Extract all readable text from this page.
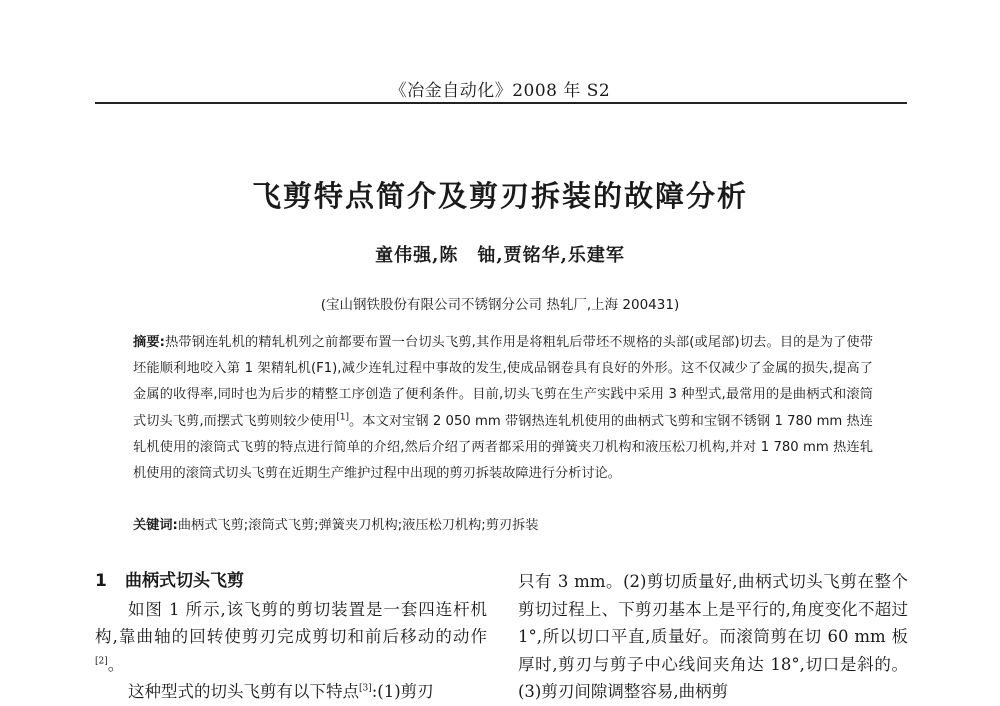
《冶金自动化》2008 年 S2
飞剪特点简介及剪刃拆装的故障分析
童伟强,陈　铀,贾铭华,乐建军
(宝山钢铁股份有限公司不锈钢分公司 热轧厂,上海 200431)

摘要:热带钢连轧机的精轧机列之前都要布置一台切头飞剪,其作用是将粗轧后带坯不规格的头部(或尾部)切去。目的是为了使带坯能顺利地咬入第 1 架精轧机(F1),减少连轧过程中事故的发生,使成品钢卷具有良好的外形。这不仅减少了金属的损失,提高了金属的收得率,同时也为后步的精整工序创造了便利条件。目前,切头飞剪在生产实践中采用 3 种型式,最常用的是曲柄式和滚筒式切头飞剪,而摆式飞剪则较少使用[1]。本文对宝钢 2 050 mm 带钢热连轧机使用的曲柄式飞剪和宝钢不锈钢 1 780 mm 热连轧机使用的滚筒式飞剪的特点进行简单的介绍,然后介绍了两者都采用的弹簧夹刀机构和液压松刀机构,并对 1 780 mm 热连轧机使用的滚筒式切头飞剪在近期生产维护过程中出现的剪刃拆装故障进行分析讨论。

关键词:曲柄式飞剪;滚筒式飞剪;弹簧夹刀机构;液压松刀机构;剪刃拆装

1 曲柄式切头飞剪

如图 1 所示,该飞剪的剪切装置是一套四连杆机构,靠曲轴的回转使剪刃完成剪切和前后移动的动作[2]。

这种型式的切头飞剪有以下特点[3]:(1)剪刃

只有 3 mm。(2)剪切质量好,曲柄式切头飞剪在整个剪切过程上、下剪刃基本上是平行的,角度变化不超过 1°,所以切口平直,质量好。而滚筒剪在切 60 mm 板厚时,剪刃与剪子中心线间夹角达 18°,切口是斜的。(3)剪刃间隙调整容易,曲柄剪
